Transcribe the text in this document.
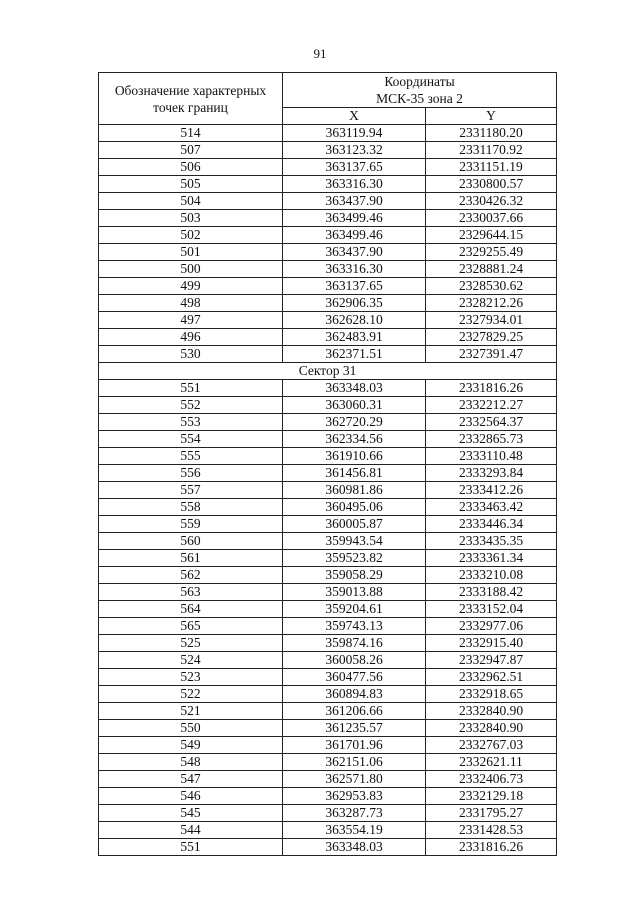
91
Обозначение характерных точек границ	Координаты
МСК-35 зона 2	

	X	Y
514	363119.94	2331180.20
507	363123.32	2331170.92
506	363137.65	2331151.19
505	363316.30	2330800.57
504	363437.90	2330426.32
503	363499.46	2330037.66
502	363499.46	2329644.15
501	363437.90	2329255.49
500	363316.30	2328881.24
499	363137.65	2328530.62
498	362906.35	2328212.26
497	362628.10	2327934.01
496	362483.91	2327829.25
530	362371.51	2327391.47
Сектор 31		
551	363348.03	2331816.26
552	363060.31	2332212.27
553	362720.29	2332564.37
554	362334.56	2332865.73
555	361910.66	2333110.48
556	361456.81	2333293.84
557	360981.86	2333412.26
558	360495.06	2333463.42
559	360005.87	2333446.34
560	359943.54	2333435.35
561	359523.82	2333361.34
562	359058.29	2333210.08
563	359013.88	2333188.42
564	359204.61	2333152.04
565	359743.13	2332977.06
525	359874.16	2332915.40
524	360058.26	2332947.87
523	360477.56	2332962.51
522	360894.83	2332918.65
521	361206.66	2332840.90
550	361235.57	2332840.90
549	361701.96	2332767.03
548	362151.06	2332621.11
547	362571.80	2332406.73
546	362953.83	2332129.18
545	363287.73	2331795.27
544	363554.19	2331428.53
551	363348.03	2331816.26
